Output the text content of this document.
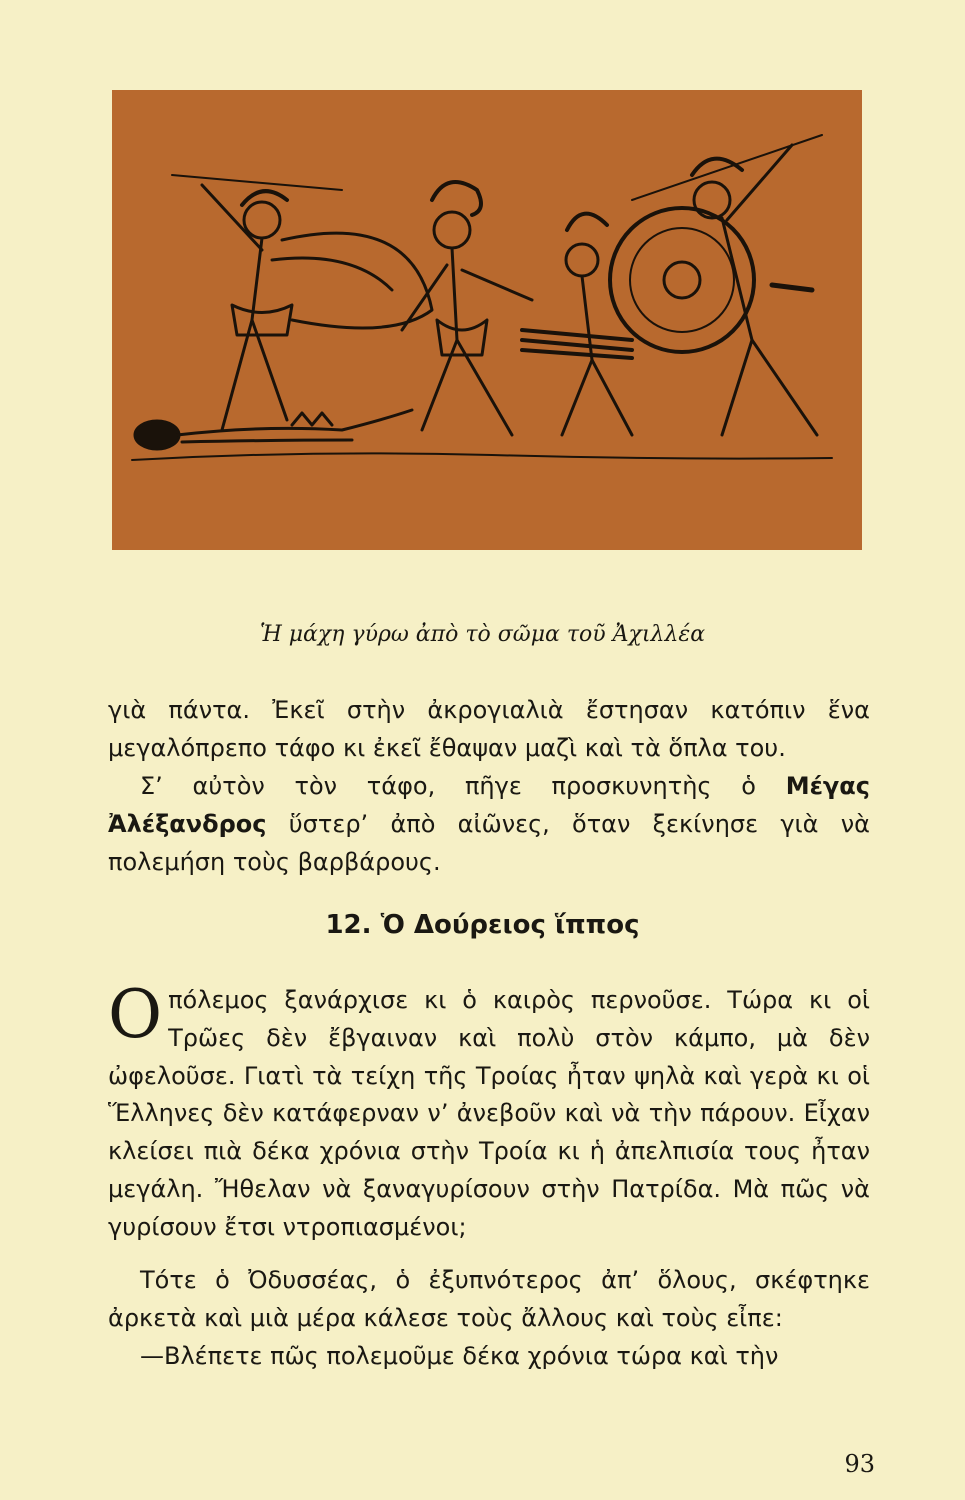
Ἡ μάχη γύρω ἀπὸ τὸ σῶμα τοῦ Ἀχιλλέα

γιὰ πάντα. Ἐκεῖ στὴν ἀκρογιαλιὰ ἔστησαν κατόπιν ἕνα μεγαλόπρεπο τάφο κι ἐκεῖ ἔθαψαν μαζὶ καὶ τὰ ὅπλα του.

Σ’ αὐτὸν τὸν τάφο, πῆγε προσκυνητὴς ὁ Μέγας Ἀλέξανδρος ὕστερ’ ἀπὸ αἰῶνες, ὅταν ξεκίνησε γιὰ νὰ πολεμήση τοὺς βαρβάρους.

12. Ὁ Δούρειος ἵππος

Οπόλεμος ξανάρχισε κι ὁ καιρὸς περνοῦσε. Τώρα κι οἱ Τρῶες δὲν ἔβγαιναν καὶ πολὺ στὸν κάμπο, μὰ δὲν ὠφελοῦσε. Γιατὶ τὰ τείχη τῆς Τροίας ἦταν ψηλὰ καὶ γερὰ κι οἱ Ἕλληνες δὲν κατάφερναν ν’ ἀνεβοῦν καὶ νὰ τὴν πάρουν. Εἶχαν κλείσει πιὰ δέκα χρόνια στὴν Τροία κι ἡ ἀπελπισία τους ἦταν μεγάλη. Ἤθελαν νὰ ξαναγυρίσουν στὴν Πατρίδα. Μὰ πῶς νὰ γυρίσουν ἔτσι ντροπιασμένοι;

Τότε ὁ Ὀδυσσέας, ὁ ἐξυπνότερος ἀπ’ ὅλους, σκέφτηκε ἀρκετὰ καὶ μιὰ μέρα κάλεσε τοὺς ἄλλους καὶ τοὺς εἶπε:

—Βλέπετε πῶς πολεμοῦμε δέκα χρόνια τώρα καὶ τὴν

93
